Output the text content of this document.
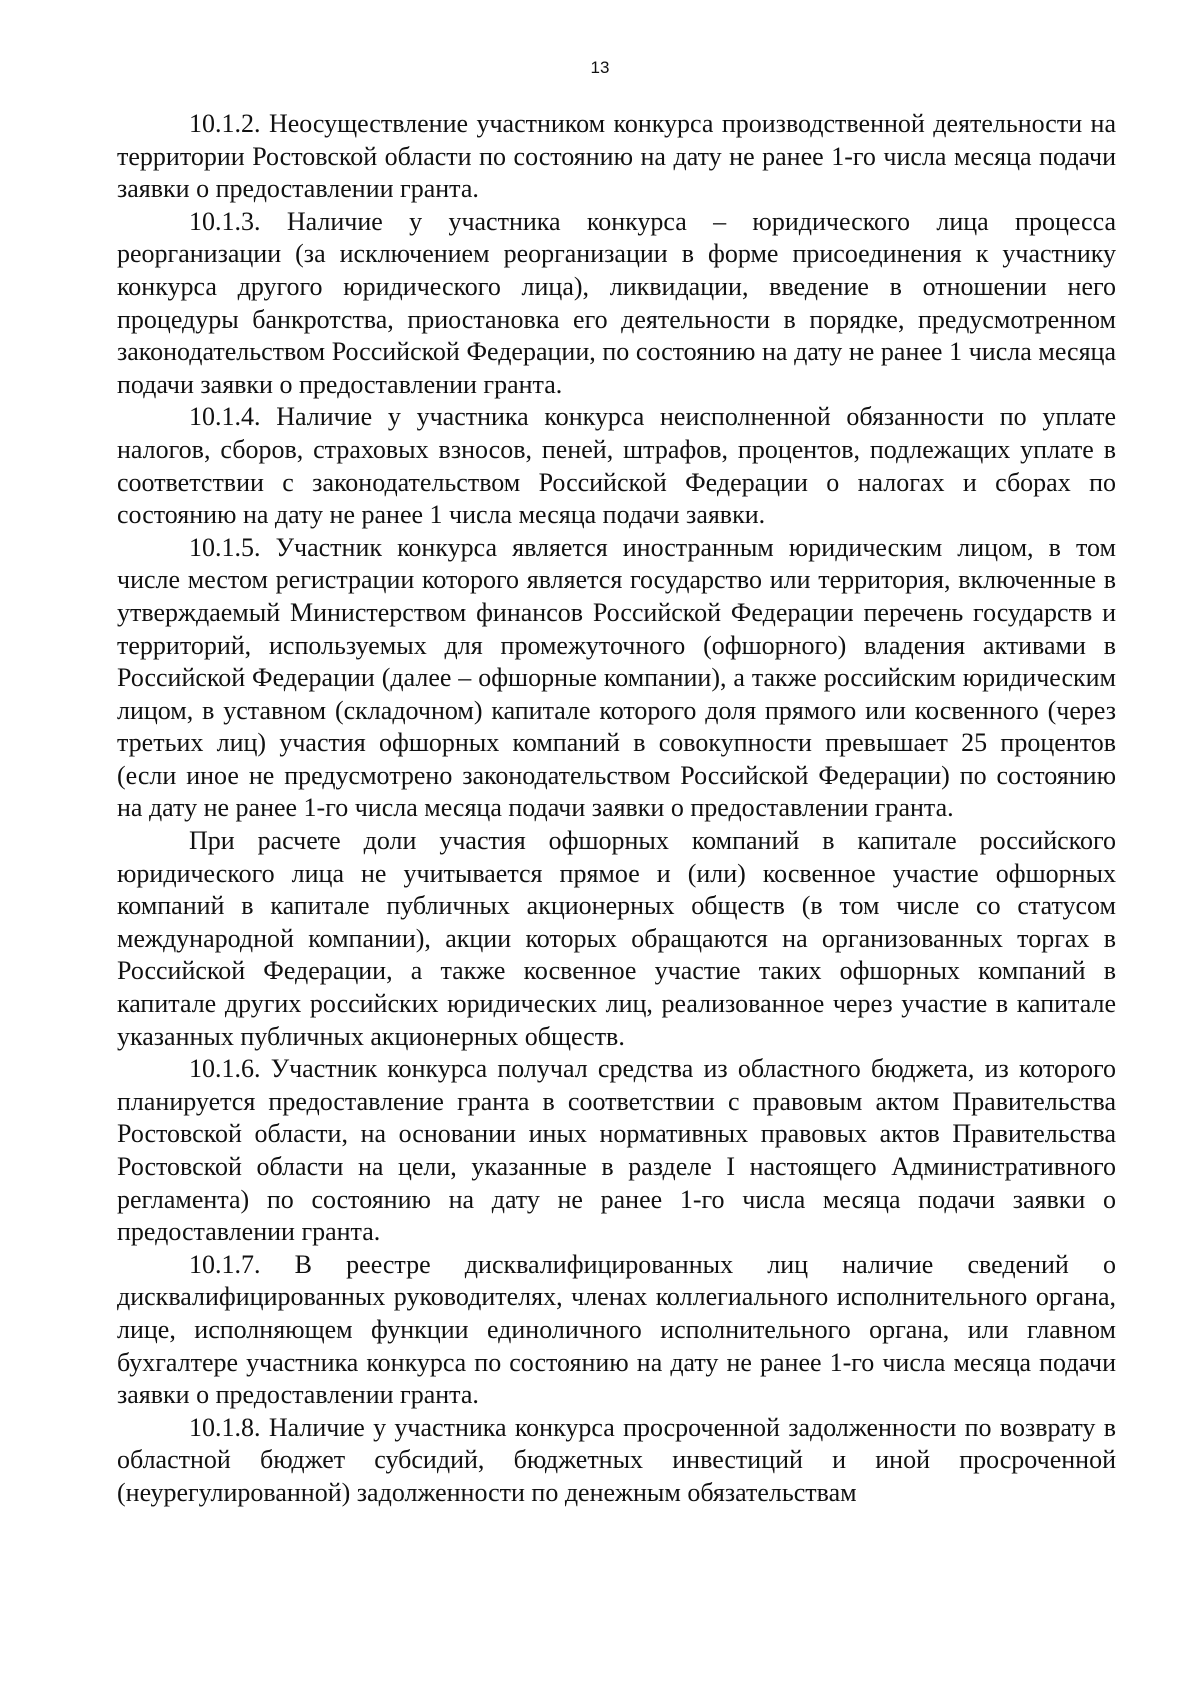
13

10.1.2. Неосуществление участником конкурса производственной деятельности на территории Ростовской области по состоянию на дату не ранее 1-го числа месяца подачи заявки о предоставлении гранта.

10.1.3. Наличие у участника конкурса – юридического лица процесса реорганизации (за исключением реорганизации в форме присоединения к участнику конкурса другого юридического лица), ликвидации, введение в отношении него процедуры банкротства, приостановка его деятельности в порядке, предусмотренном законодательством Российской Федерации, по состоянию на дату не ранее 1 числа месяца подачи заявки о предоставлении гранта.

10.1.4. Наличие у участника конкурса неисполненной обязанности по уплате налогов, сборов, страховых взносов, пеней, штрафов, процентов, подлежащих уплате в соответствии с законодательством Российской Федерации о налогах и сборах по состоянию на дату не ранее 1 числа месяца подачи заявки.

10.1.5. Участник конкурса является иностранным юридическим лицом, в том числе местом регистрации которого является государство или территория, включенные в утверждаемый Министерством финансов Российской Федерации перечень государств и территорий, используемых для промежуточного (офшорного) владения активами в Российской Федерации (далее – офшорные компании), а также российским юридическим лицом, в уставном (складочном) капитале которого доля прямого или косвенного (через третьих лиц) участия офшорных компаний в совокупности превышает 25 процентов (если иное не предусмотрено законодательством Российской Федерации) по состоянию на дату не ранее 1-го числа месяца подачи заявки о предоставлении гранта.

При расчете доли участия офшорных компаний в капитале российского юридического лица не учитывается прямое и (или) косвенное участие офшорных компаний в капитале публичных акционерных обществ (в том числе со статусом международной компании), акции которых обращаются на организованных торгах в Российской Федерации, а также косвенное участие таких офшорных компаний в капитале других российских юридических лиц, реализованное через участие в капитале указанных публичных акционерных обществ.

10.1.6. Участник конкурса получал средства из областного бюджета, из которого планируется предоставление гранта в соответствии с правовым актом Правительства Ростовской области, на основании иных нормативных правовых актов Правительства Ростовской области на цели, указанные в разделе I настоящего Административного регламента) по состоянию на дату не ранее 1-го числа месяца подачи заявки о предоставлении гранта.

10.1.7. В реестре дисквалифицированных лиц наличие сведений о дисквалифицированных руководителях, членах коллегиального исполнительного органа, лице, исполняющем функции единоличного исполнительного органа, или главном бухгалтере участника конкурса по состоянию на дату не ранее 1-го числа месяца подачи заявки о предоставлении гранта.

10.1.8. Наличие у участника конкурса просроченной задолженности по возврату в областной бюджет субсидий, бюджетных инвестиций и иной просроченной (неурегулированной) задолженности по денежным обязательствам
